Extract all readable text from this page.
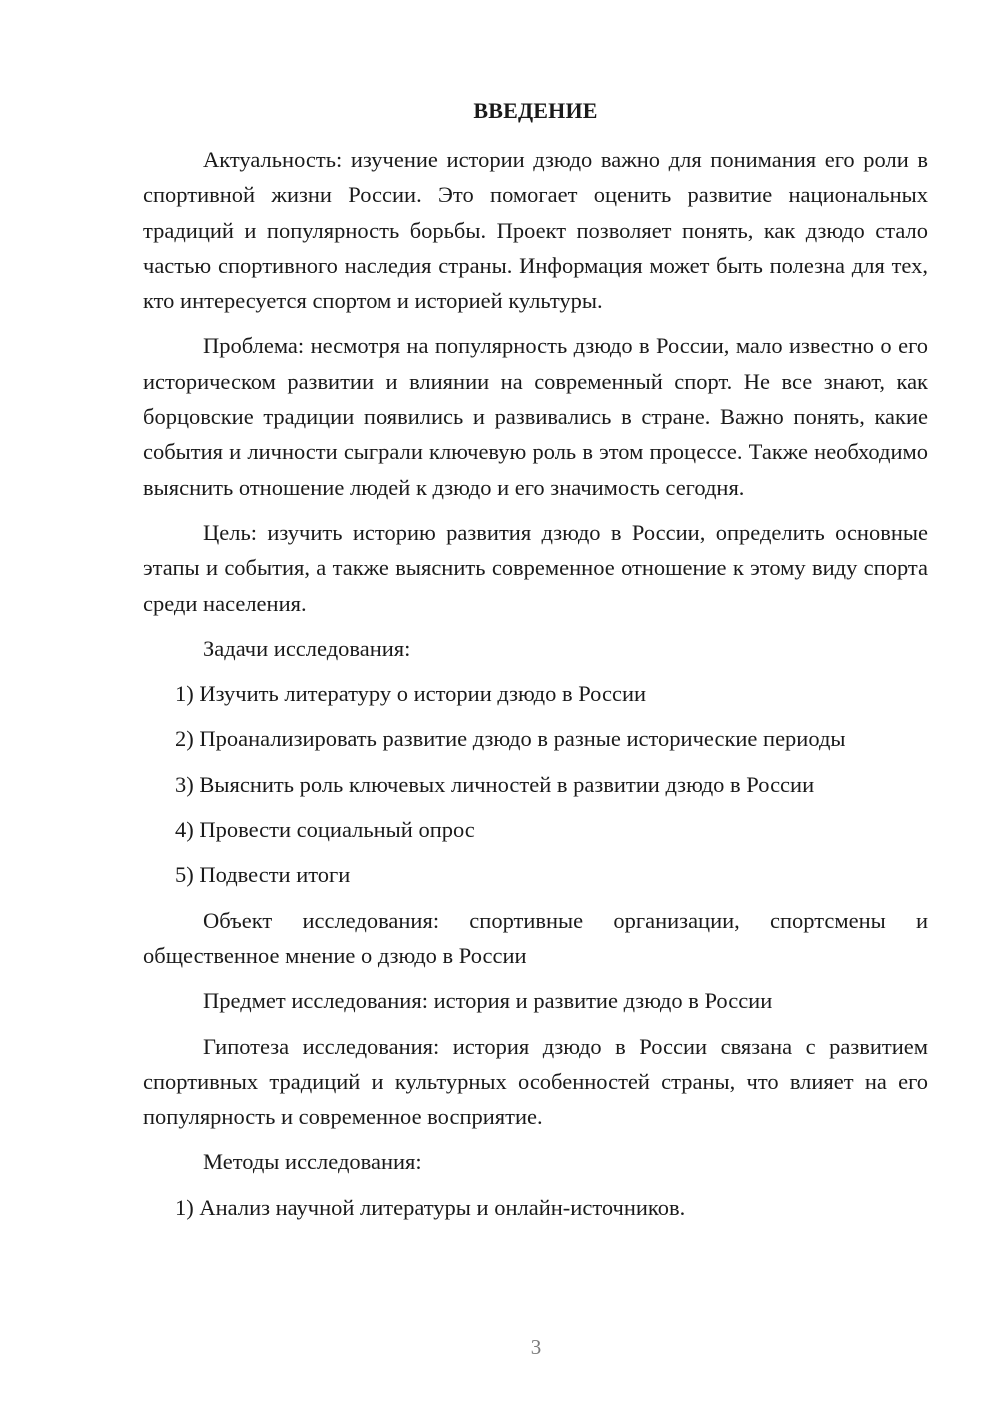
ВВЕДЕНИЕ

Актуальность: изучение истории дзюдо важно для понимания его роли в спортивной жизни России. Это помогает оценить развитие национальных традиций и популярность борьбы. Проект позволяет понять, как дзюдо стало частью спортивного наследия страны. Информация может быть полезна для тех, кто интересуется спортом и историей культуры.

Проблема: несмотря на популярность дзюдо в России, мало известно о его историческом развитии и влиянии на современный спорт. Не все знают, как борцовские традиции появились и развивались в стране. Важно понять, какие события и личности сыграли ключевую роль в этом процессе. Также необходимо выяснить отношение людей к дзюдо и его значимость сегодня.

Цель: изучить историю развития дзюдо в России, определить основные этапы и события, а также выяснить современное отношение к этому виду спорта среди населения.

Задачи исследования:

1) Изучить литературу о истории дзюдо в России

2) Проанализировать развитие дзюдо в разные исторические периоды

3) Выяснить роль ключевых личностей в развитии дзюдо в России

4) Провести социальный опрос

5) Подвести итоги

Объект исследования: спортивные организации, спортсмены и общественное мнение о дзюдо в России

Предмет исследования: история и развитие дзюдо в России

Гипотеза исследования: история дзюдо в России связана с развитием спортивных традиций и культурных особенностей страны, что влияет на его популярность и современное восприятие.

Методы исследования:

1) Анализ научной литературы и онлайн-источников.

3
